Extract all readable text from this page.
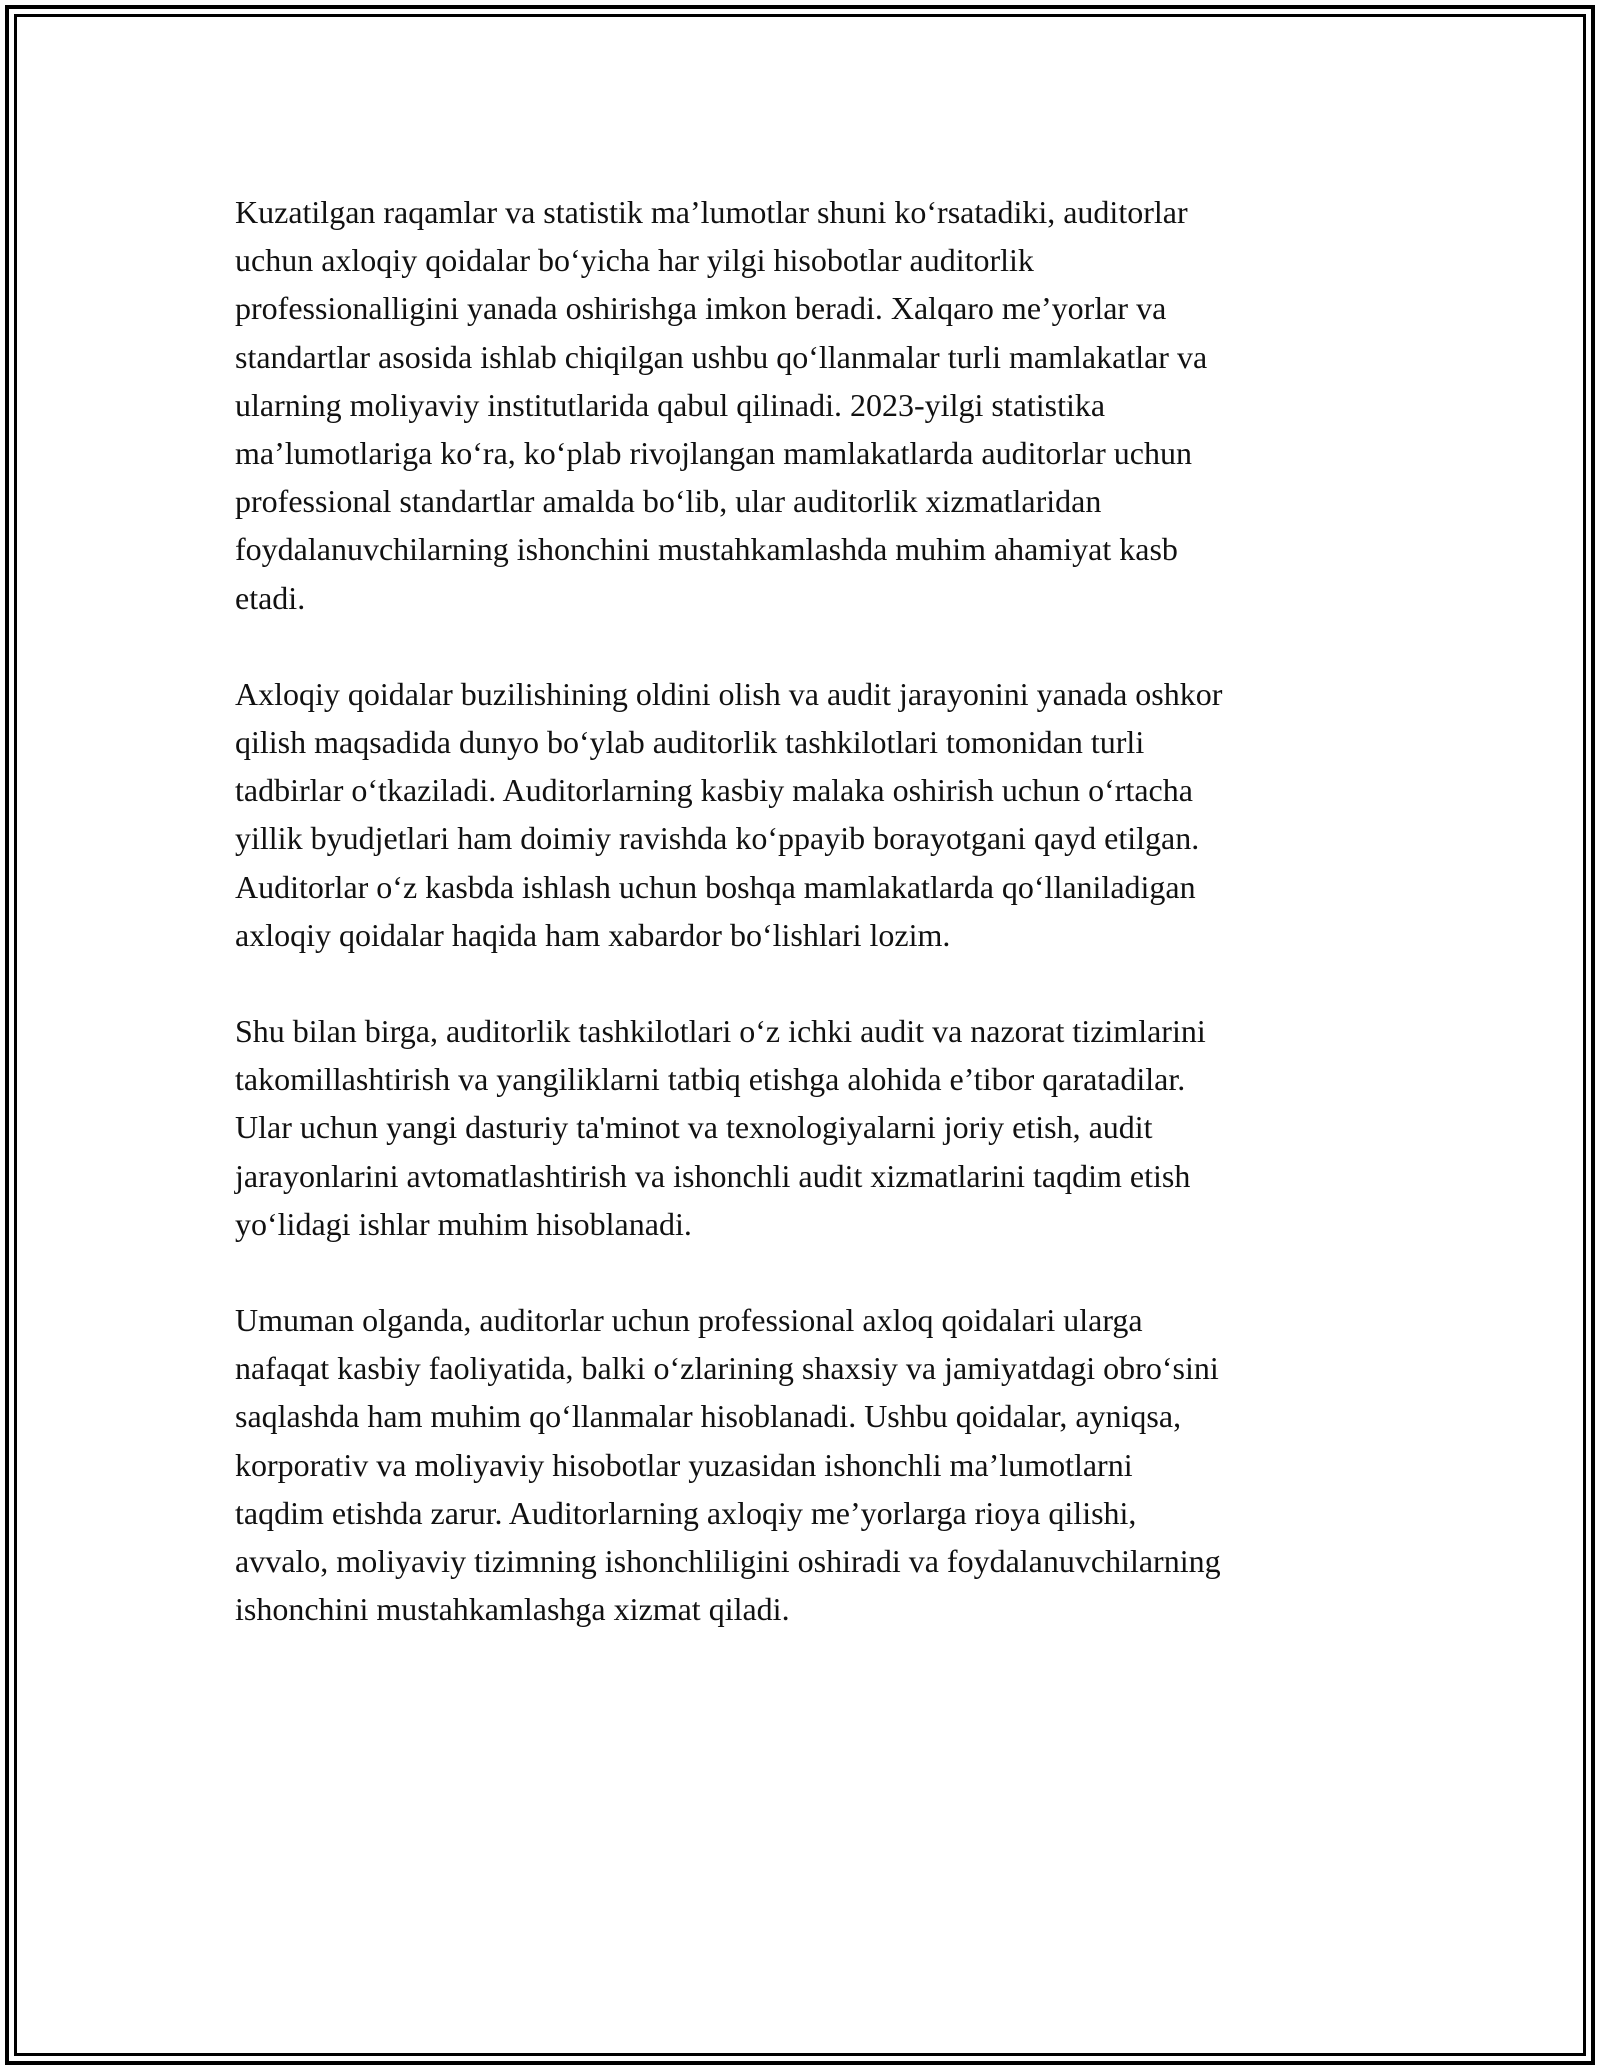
Kuzatilgan raqamlar va statistik ma’lumotlar shuni ko‘rsatadiki, auditorlar
uchun axloqiy qoidalar bo‘yicha har yilgi hisobotlar auditorlik
professionalligini yanada oshirishga imkon beradi. Xalqaro me’yorlar va
standartlar asosida ishlab chiqilgan ushbu qo‘llanmalar turli mamlakatlar va
ularning moliyaviy institutlarida qabul qilinadi. 2023-yilgi statistika
ma’lumotlariga ko‘ra, ko‘plab rivojlangan mamlakatlarda auditorlar uchun
professional standartlar amalda bo‘lib, ular auditorlik xizmatlaridan
foydalanuvchilarning ishonchini mustahkamlashda muhim ahamiyat kasb
etadi.

Axloqiy qoidalar buzilishining oldini olish va audit jarayonini yanada oshkor
qilish maqsadida dunyo bo‘ylab auditorlik tashkilotlari tomonidan turli
tadbirlar o‘tkaziladi. Auditorlarning kasbiy malaka oshirish uchun o‘rtacha
yillik byudjetlari ham doimiy ravishda ko‘ppayib borayotgani qayd etilgan.
Auditorlar o‘z kasbda ishlash uchun boshqa mamlakatlarda qo‘llaniladigan
axloqiy qoidalar haqida ham xabardor bo‘lishlari lozim.

Shu bilan birga, auditorlik tashkilotlari o‘z ichki audit va nazorat tizimlarini
takomillashtirish va yangiliklarni tatbiq etishga alohida e’tibor qaratadilar.
Ular uchun yangi dasturiy ta'minot va texnologiyalarni joriy etish, audit
jarayonlarini avtomatlashtirish va ishonchli audit xizmatlarini taqdim etish
yo‘lidagi ishlar muhim hisoblanadi.

Umuman olganda, auditorlar uchun professional axloq qoidalari ularga
nafaqat kasbiy faoliyatida, balki o‘zlarining shaxsiy va jamiyatdagi obro‘sini
saqlashda ham muhim qo‘llanmalar hisoblanadi. Ushbu qoidalar, ayniqsa,
korporativ va moliyaviy hisobotlar yuzasidan ishonchli ma’lumotlarni
taqdim etishda zarur. Auditorlarning axloqiy me’yorlarga rioya qilishi,
avvalo, moliyaviy tizimning ishonchliligini oshiradi va foydalanuvchilarning
ishonchini mustahkamlashga xizmat qiladi.
